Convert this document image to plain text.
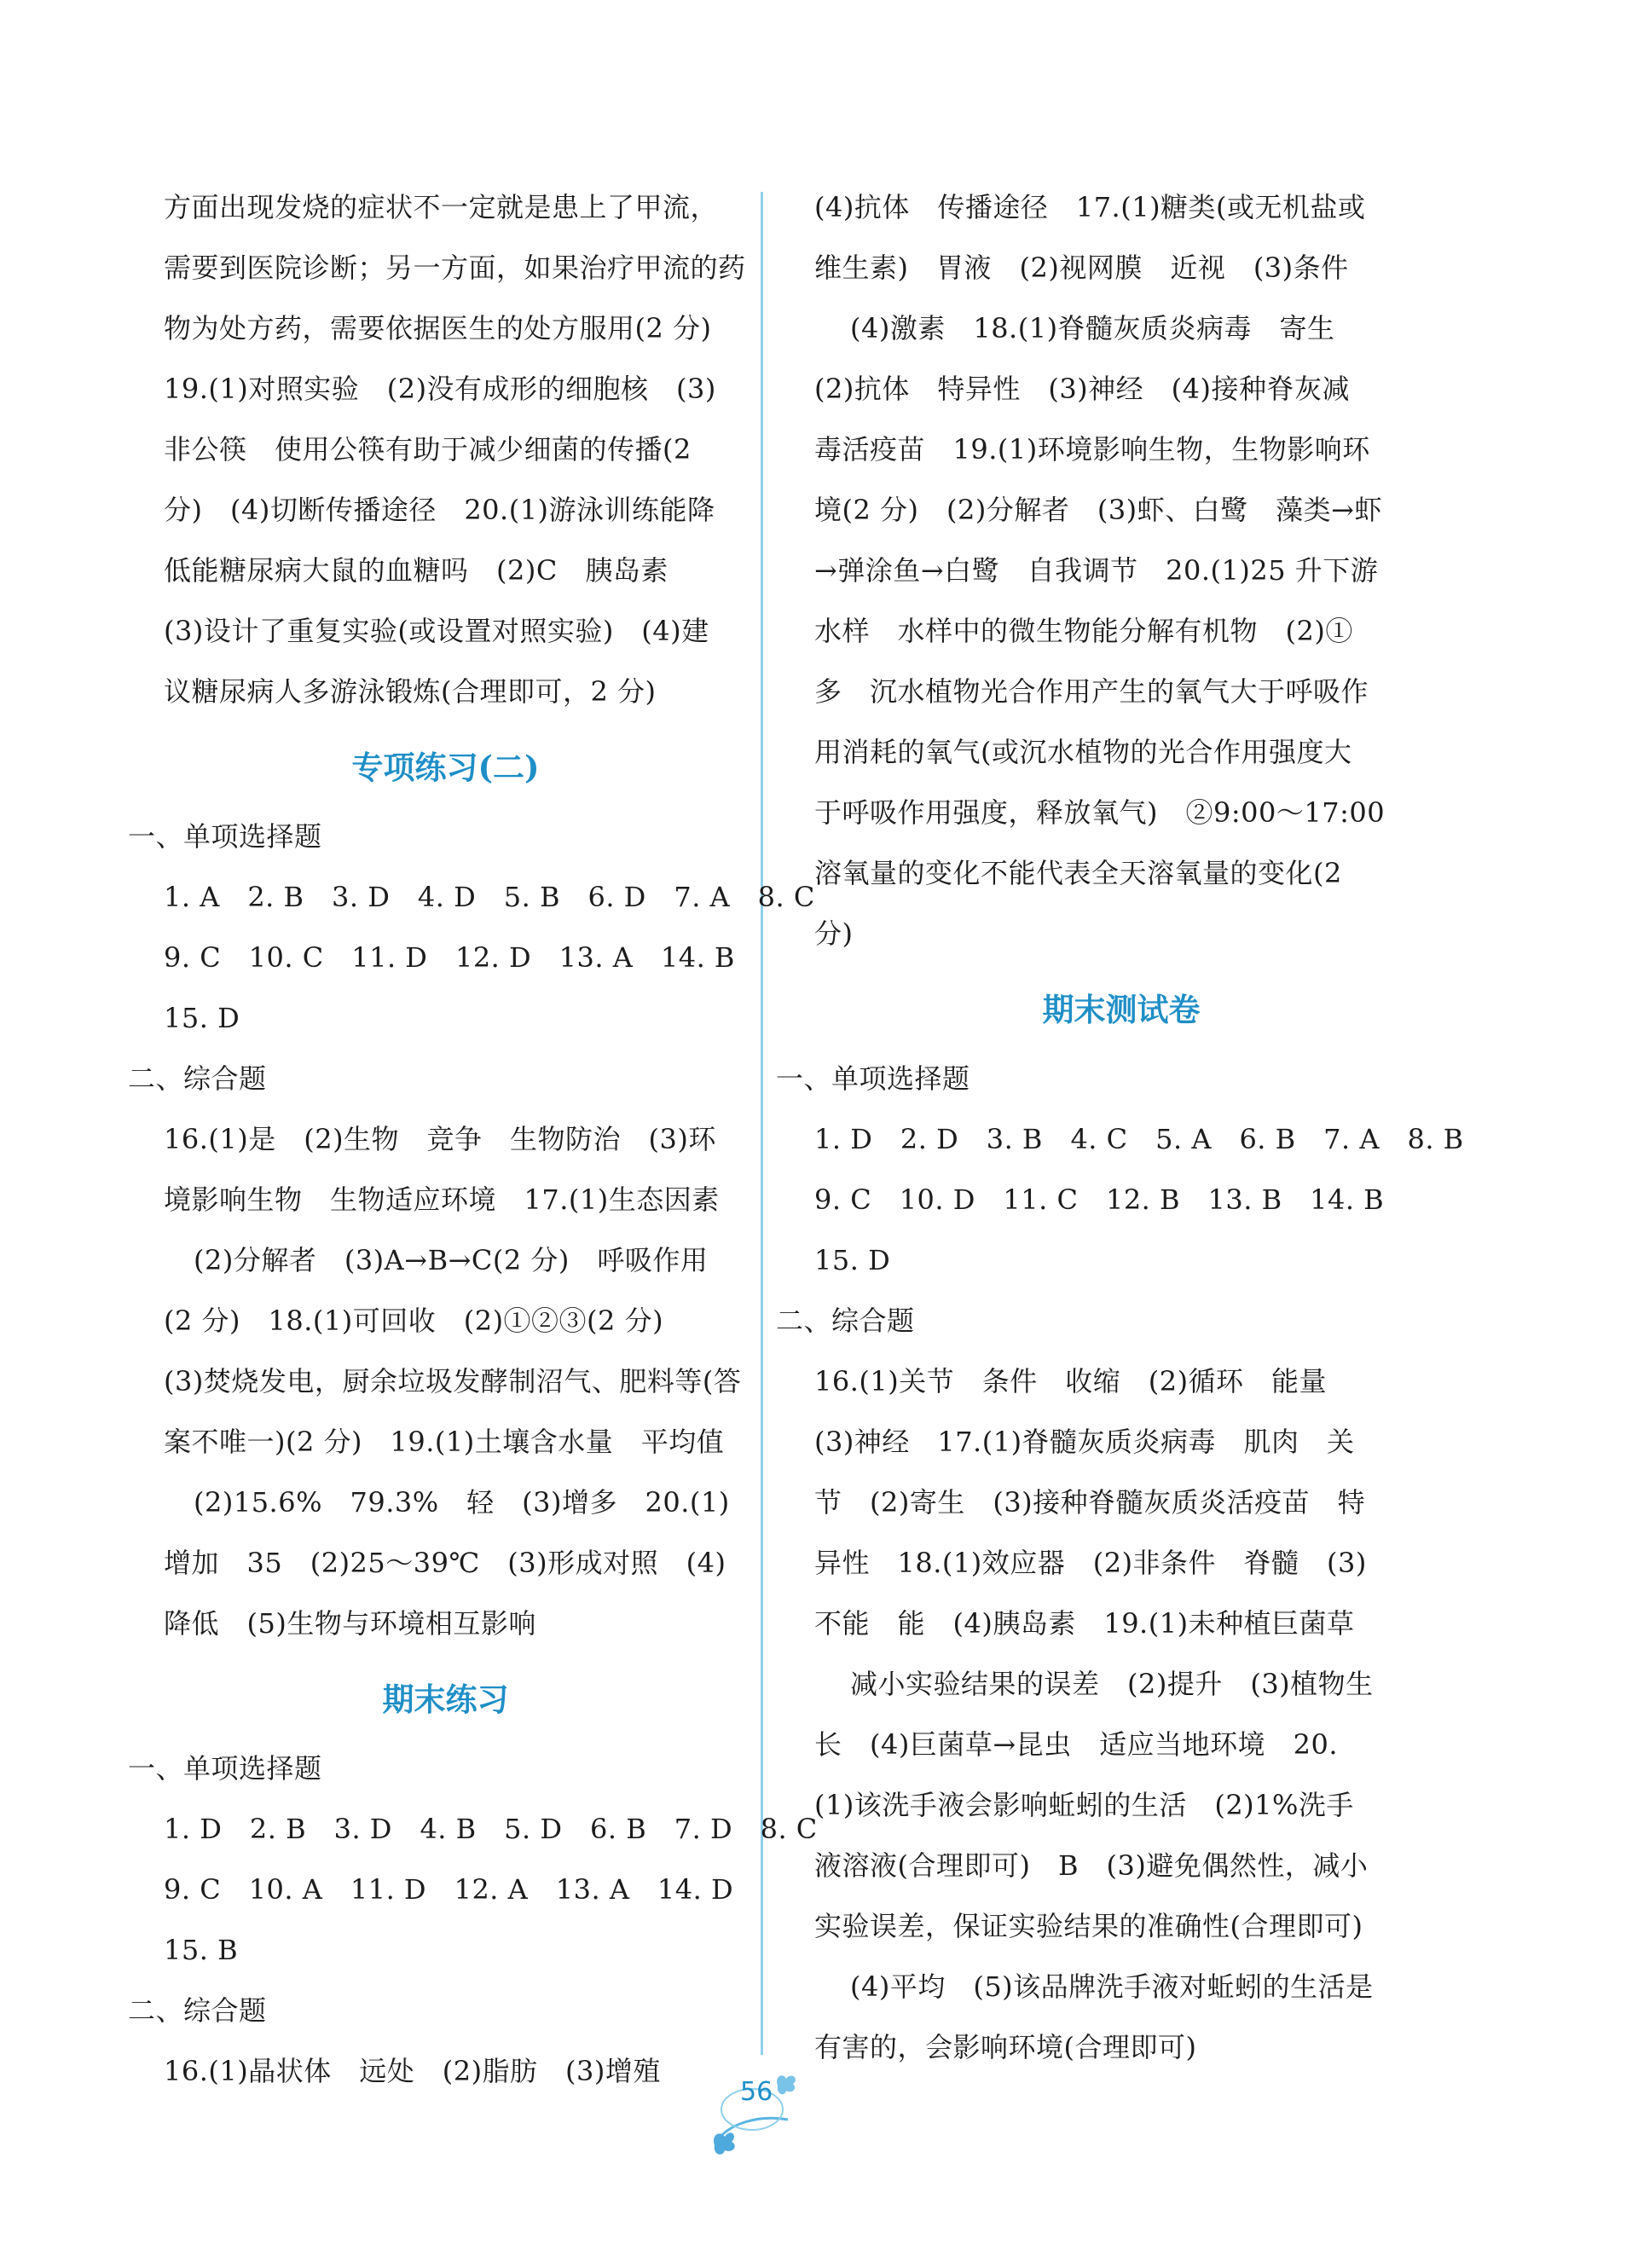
方面出现发烧的症状不一定就是患上了甲流，
需要到医院诊断；另一方面，如果治疗甲流的药
物为处方药，需要依据医生的处方服用(2 分)
19.(1)对照实验　(2)没有成形的细胞核　(3)
非公筷　使用公筷有助于减少细菌的传播(2
分)　(4)切断传播途径　20.(1)游泳训练能降
低能糖尿病大鼠的血糖吗　(2)C　胰岛素
(3)设计了重复实验(或设置对照实验)　(4)建
议糖尿病人多游泳锻炼(合理即可，2 分)
专项练习(二)
一、单项选择题
1. A　2. B　3. D　4. D　5. B　6. D　7. A　8. C
9. C　10. C　11. D　12. D　13. A　14. B
15. D
二、综合题
16.(1)是　(2)生物　竞争　生物防治　(3)环
境影响生物　生物适应环境　17.(1)生态因素
(2)分解者　(3)A→B→C(2 分)　呼吸作用
(2 分)　18.(1)可回收　(2)①②③(2 分)
(3)焚烧发电，厨余垃圾发酵制沼气、肥料等(答
案不唯一)(2 分)　19.(1)土壤含水量　平均值
(2)15.6%　79.3%　轻　(3)增多　20.(1)
增加　35　(2)25～39℃　(3)形成对照　(4)
降低　(5)生物与环境相互影响
期末练习
一、单项选择题
1. D　2. B　3. D　4. B　5. D　6. B　7. D　8. C
9. C　10. A　11. D　12. A　13. A　14. D
15. B
二、综合题
16.(1)晶状体　远处　(2)脂肪　(3)增殖
(4)抗体　传播途径　17.(1)糖类(或无机盐或
维生素)　胃液　(2)视网膜　近视　(3)条件
(4)激素　18.(1)脊髓灰质炎病毒　寄生
(2)抗体　特异性　(3)神经　(4)接种脊灰减
毒活疫苗　19.(1)环境影响生物，生物影响环
境(2 分)　(2)分解者　(3)虾、白鹭　藻类→虾
→弹涂鱼→白鹭　自我调节　20.(1)25 升下游
水样　水样中的微生物能分解有机物　(2)①
多　沉水植物光合作用产生的氧气大于呼吸作
用消耗的氧气(或沉水植物的光合作用强度大
于呼吸作用强度，释放氧气)　②9:00～17:00
溶氧量的变化不能代表全天溶氧量的变化(2
分)
期末测试卷
一、单项选择题
1. D　2. D　3. B　4. C　5. A　6. B　7. A　8. B
9. C　10. D　11. C　12. B　13. B　14. B
15. D
二、综合题
16.(1)关节　条件　收缩　(2)循环　能量
(3)神经　17.(1)脊髓灰质炎病毒　肌肉　关
节　(2)寄生　(3)接种脊髓灰质炎活疫苗　特
异性　18.(1)效应器　(2)非条件　脊髓　(3)
不能　能　(4)胰岛素　19.(1)未种植巨菌草
减小实验结果的误差　(2)提升　(3)植物生
长　(4)巨菌草→昆虫　适应当地环境　20.
(1)该洗手液会影响蚯蚓的生活　(2)1%洗手
液溶液(合理即可)　B　(3)避免偶然性，减小
实验误差，保证实验结果的准确性(合理即可)
(4)平均　(5)该品牌洗手液对蚯蚓的生活是
有害的，会影响环境(合理即可)
56
